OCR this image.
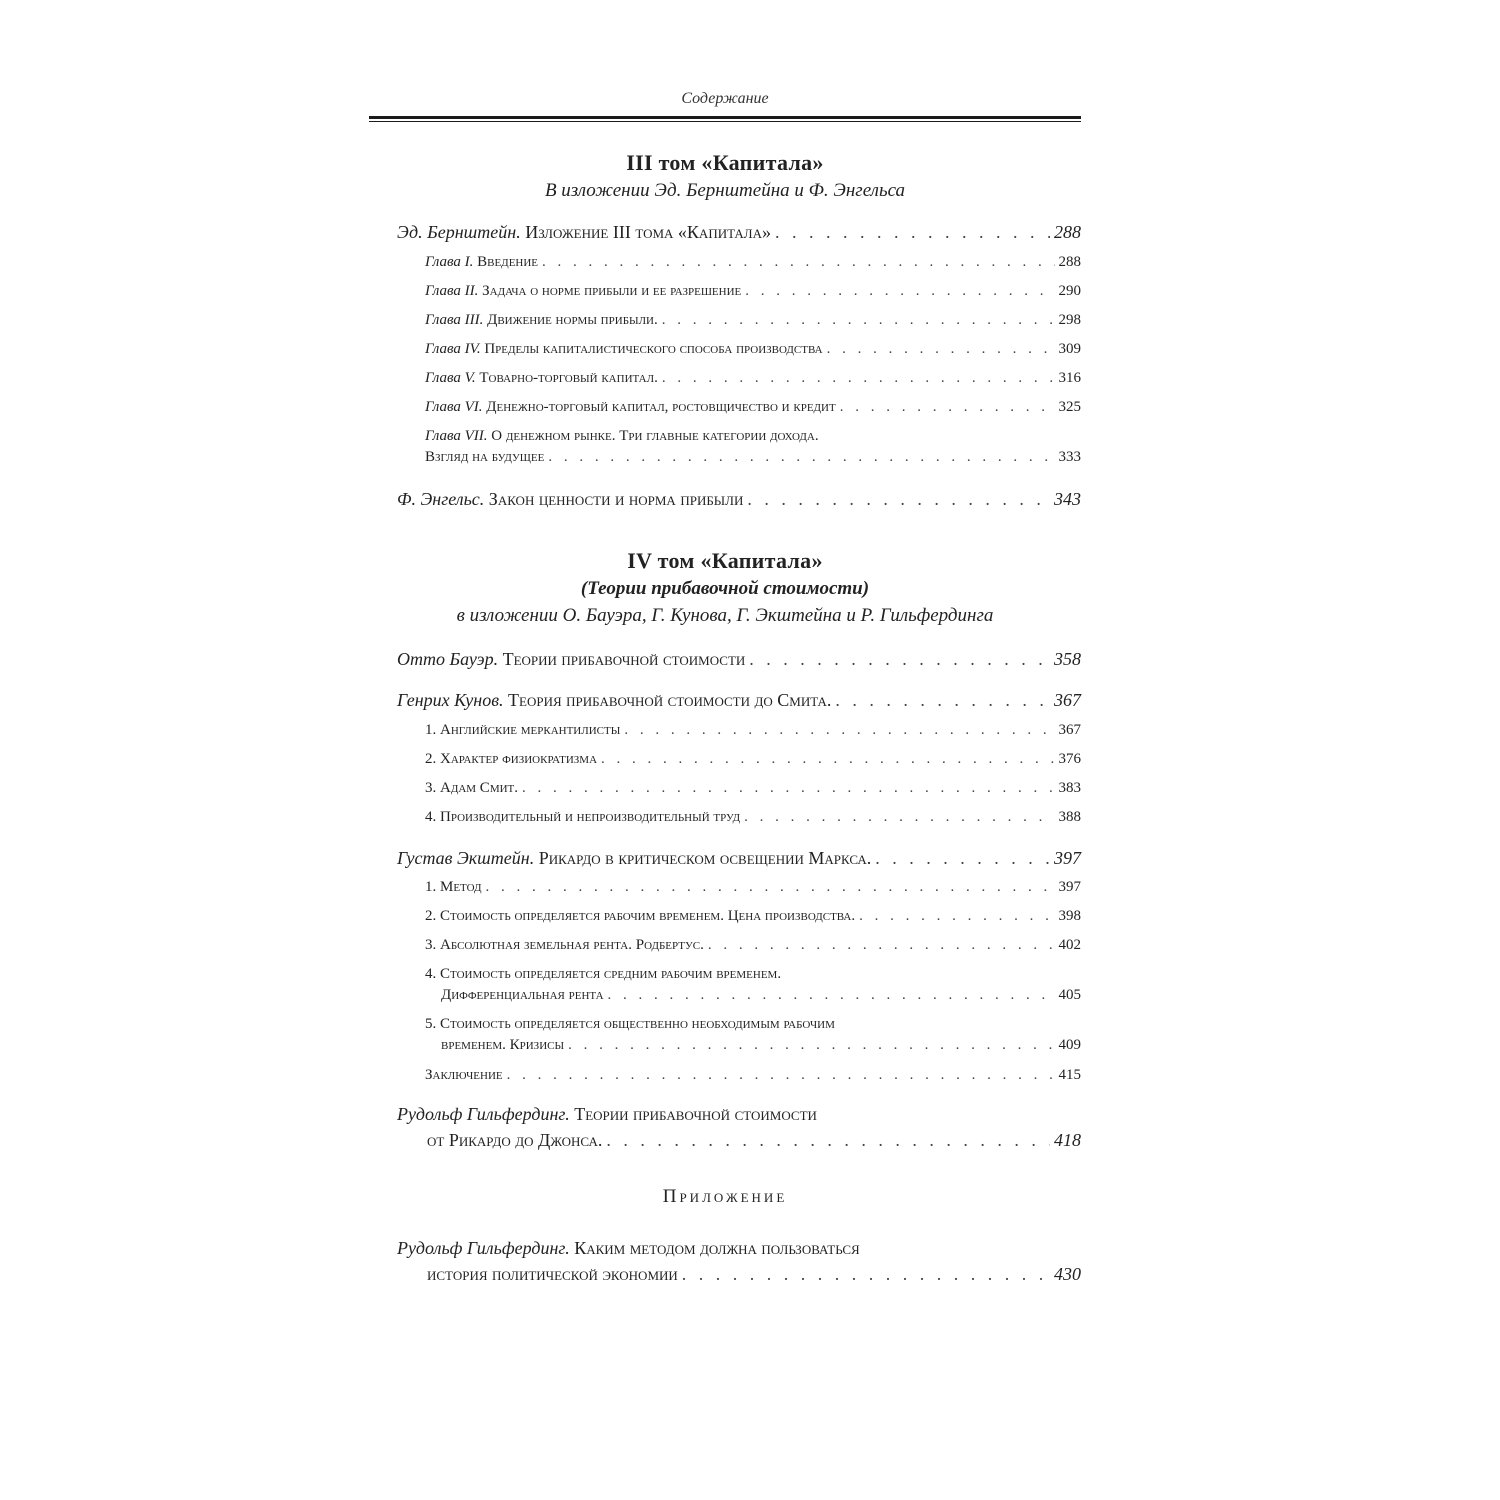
Содержание
III том «Капитала»
В изложении Эд. Бернштейна и Ф. Энгельса
Эд. Бернштейн. Изложение III тома «Капитала» . . .	288
Глава I. Введение . . .	288
Глава II. Задача о норме прибыли и ее разрешение . . .	290
Глава III. Движение нормы прибыли. . . .	298
Глава IV. Пределы капиталистического способа производства . . .	309
Глава V. Товарно-торговый капитал. . . .	316
Глава VI. Денежно-торговый капитал, ростовщичество и кредит . . .	325
Глава VII. О денежном рынке. Три главные категории дохода.
Взгляд на будущее . . .	333
Ф. Энгельс. Закон ценности и норма прибыли . . .	343
IV том «Капитала»
(Теории прибавочной стоимости)
в изложении О. Бауэра, Г. Кунова, Г. Экштейна и Р. Гильфердинга
Отто Бауэр. Теории прибавочной стоимости . . .	358
Генрих Кунов. Теория прибавочной стоимости до Смита. . . .	367
1. Английские меркантилисты . . .	367
2. Характер физиократизма . . .	376
3. Адам Смит. . . .	383
4. Производительный и непроизводительный труд . . .	388
Густав Экштейн. Рикардо в критическом освещении Маркса. . . .	397
1. Метод . . .	397
2. Стоимость определяется рабочим временем. Цена производства. . . .	398
3. Абсолютная земельная рента. Родбертус. . . .	402
4. Стоимость определяется средним рабочим временем.
Дифференциальная рента . . .	405
5. Стоимость определяется общественно необходимым рабочим
временем. Кризисы . . .	409
Заключение . . .	415
Рудольф Гильфердинг. Теории прибавочной стоимости
от Рикардо до Джонса. . . .	418
Приложение
Рудольф Гильфердинг. Каким методом должна пользоваться
история политической экономии . . .	430
